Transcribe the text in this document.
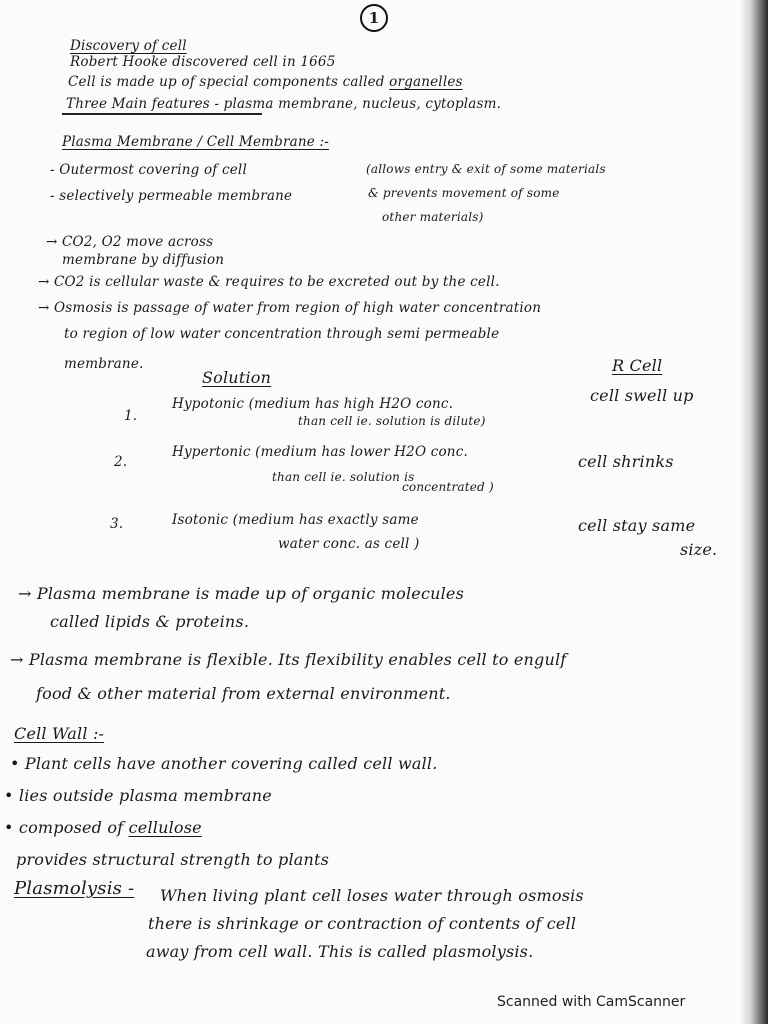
1
Discovery of cell
Robert Hooke discovered cell in 1665
Cell is made up of special components called organelles
Three Main features - plasma membrane, nucleus, cytoplasm.
Plasma Membrane / Cell Membrane :-
- Outermost covering of cell
- selectively permeable membrane
(allows entry & exit of some materials
& prevents movement of some
other materials)
→ CO2, O2 move across
membrane by diffusion
→ CO2 is cellular waste & requires to be excreted out by the cell.
→ Osmosis is passage of water from region of high water concentration
to region of low water concentration through semi permeable
membrane.
Solution
R Cell
1.
Hypotonic (medium has high H2O conc.
than cell ie. solution is dilute)
cell swell up
2.
Hypertonic (medium has lower H2O conc.
than cell ie. solution is
concentrated )
cell shrinks
3.	Isotonic (medium has exactly same
water conc. as cell )
cell stay same
size.
→ Plasma membrane is made up of organic molecules
called lipids & proteins.
→ Plasma membrane is flexible. Its flexibility enables cell to engulf
food & other material from external environment.
Cell Wall :-
• Plant cells have another covering called cell wall.
• lies outside plasma membrane
• composed of cellulose
provides structural strength to plants
Plasmolysis - When living plant cell loses water through osmosis
there is shrinkage or contraction of contents of cell
away from cell wall. This is called plasmolysis.
Scanned with CamScanner
